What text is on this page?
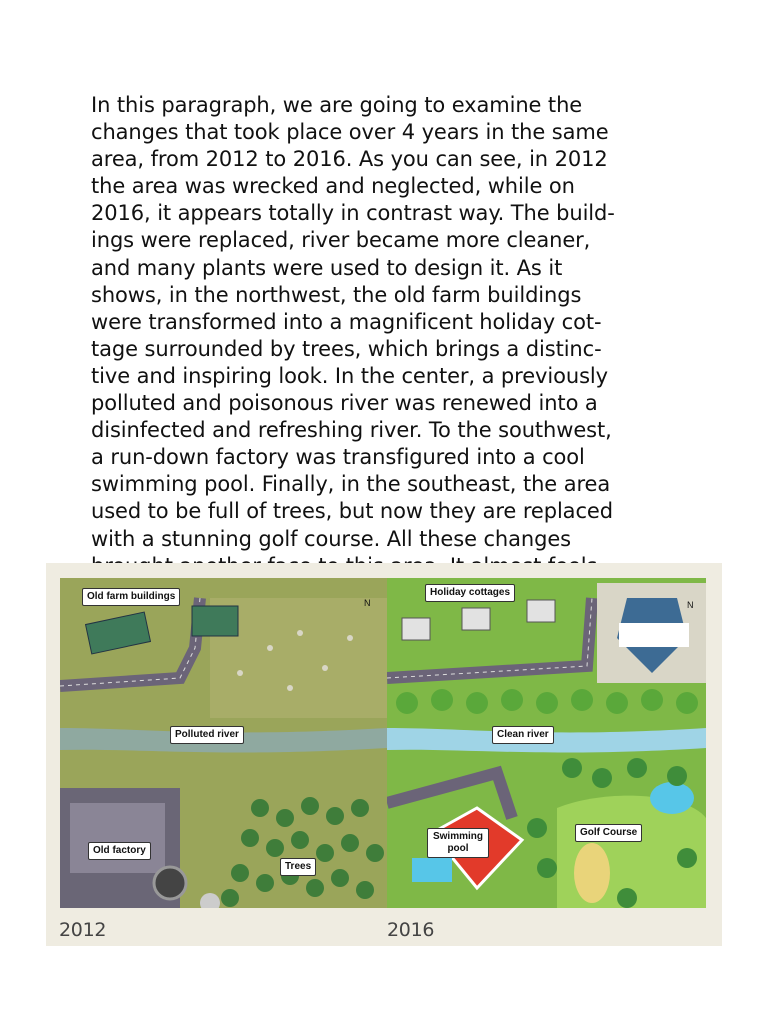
In this paragraph, we are going to examine the
changes that took place over 4 years in the same
area, from 2012 to 2016. As you can see, in 2012
the area was wrecked and neglected, while on
2016, it appears totally in contrast way. The build-
ings were replaced, river became more cleaner,
and many plants were used to design it. As it
shows, in the northwest, the old farm buildings
were transformed into a magnificent holiday cot-
tage surrounded by trees, which brings a distinc-
tive and inspiring look. In the center, a previously
polluted and poisonous river was renewed into a
disinfected and refreshing river. To the southwest,
a run-down factory was transfigured into a cool
swimming pool. Finally, in the southeast, the area
used to be full of trees, but now they are replaced
with a stunning golf course. All these changes
Old farm buildings
N
Polluted river
Old factory
Trees
Holiday cottages
N
Clean river
Swimming pool
Golf Course
2012	2016
